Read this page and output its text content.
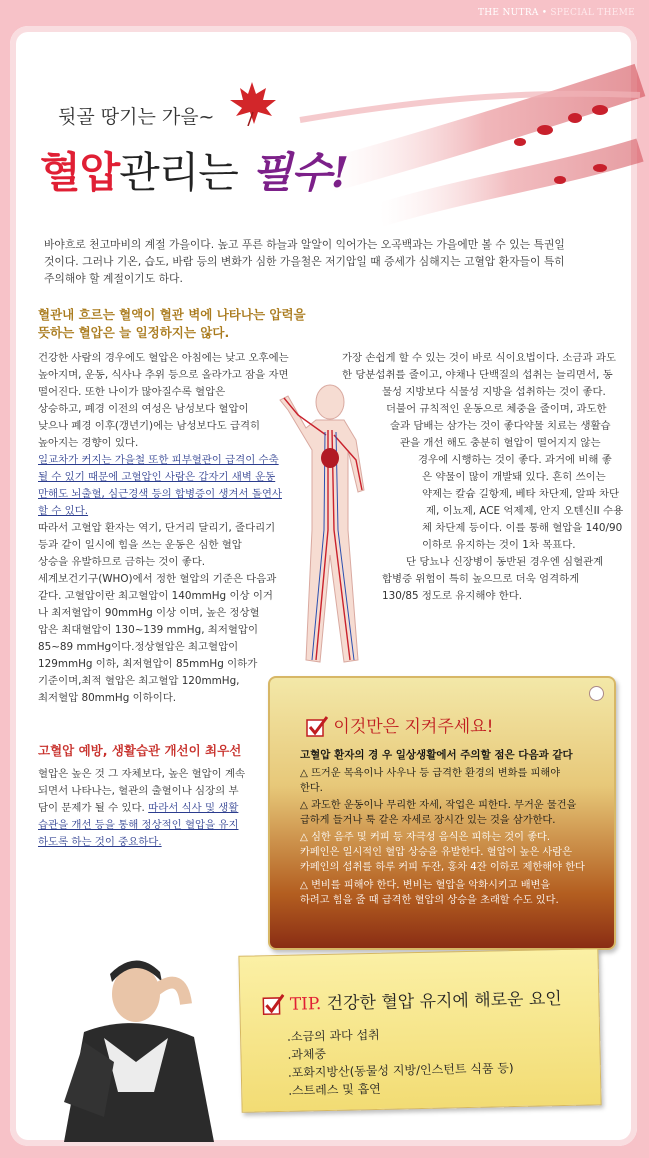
THE NUTRA • SPECIAL THEME
뒷골 땅기는 가을~
혈압관리는 필수!
바야흐로 천고마비의 계절 가을이다. 높고 푸른 하늘과 알알이 익어가는 오곡백과는 가을에만 볼 수 있는 특권일
것이다. 그러나 기온, 습도, 바람 등의 변화가 심한 가을철은 저기압일 때 증세가 심해지는 고혈압 환자들이 특히
주의해야 할 계절이기도 하다.
혈관내 흐르는 혈액이 혈관 벽에 나타나는 압력을
뜻하는 혈압은 늘 일정하지는 않다.
건강한 사람의 경우에도 혈압은 아침에는 낮고 오후에는
높아지며, 운동, 식사나 추위 등으로 올라가고 잠을 자면
떨어진다. 또한 나이가 많아질수록 혈압은
상승하고, 폐경 이전의 여성은 남성보다 혈압이
낮으나 폐경 이후(갱년기)에는 남성보다도 급격히
높아지는 경향이 있다.
일교차가 커지는 가을철 또한 피부혈관이 급격이 수축
될 수 있기 때문에 고혈압인 사람은 갑자기 새벽 운동
만해도 뇌출혈, 심근경색 등의 합병증이 생겨서 돌연사
할 수 있다.
따라서 고혈압 환자는 역기, 단거리 달리기, 줄다리기
등과 같이 일시에 힘을 쓰는 운동은 심한 혈압
상승을 유발하므로 금하는 것이 좋다.
세계보건기구(WHO)에서 정한 혈압의 기준은 다음과
같다. 고혈압이란 최고혈압이 140mmHg 이상 이거
나 최저혈압이 90mmHg 이상 이며, 높은 정상혈
압은 최대혈압이 130~139 mmHg, 최저혈압이
85~89 mmHg이다.정상혈압은 최고혈압이
129mmHg 이하, 최저혈압이 85mmHg 이하가
기준이며,최적 혈압은 최고혈압 120mmHg,
최저혈압 80mmHg 이하이다.
가장 손쉽게 할 수 있는 것이 바로 식이요법이다. 소금과 과도
한 당분섭취를 줄이고, 야채나 단백질의 섭취는 늘리면서, 동
물성 지방보다 식물성 지방을 섭취하는 것이 좋다.
더불어 규칙적인 운동으로 체중을 줄이며, 과도한
술과 담배는 삼가는 것이 좋다약물 치료는 생활습
관을 개선 해도 충분히 혈압이 떨어지지 않는
경우에 시행하는 것이 좋다. 과거에 비해 좋
은 약물이 많이 개발돼 있다. 흔히 쓰이는
약제는 칼슘 길항제, 베타 차단제, 알파 차단
제, 이뇨제, ACE 억제제, 안지 오텐신II 수용
체 차단제 등이다. 이를 통해 혈압을 140/90
이하로 유지하는 것이 1차 목표다.
단 당뇨나 신장병이 동반된 경우엔 심혈관계
합병증 위험이 특히 높으므로 더욱 엄격하게
130/85 정도로 유지해야 한다.
고혈압 예방, 생활습관 개선이 최우선
혈압은 높은 것 그 자체보다, 높은 혈압이 계속
되면서 나타나는, 혈관의 출혈이나 심장의 부
담이 문제가 될 수 있다. 따라서 식사 및 생활
습관을 개선 등을 통해 정상적인 혈압을 유지
하도록 하는 것이 중요하다.
이것만은 지켜주세요!
고혈압 환자의 경 우 일상생활에서 주의할 점은 다음과 같다
△ 뜨거운 목욕이나 사우나 등 급격한 환경의 변화를 피해야
한다.
△ 과도한 운동이나 무리한 자세, 작업은 피한다. 무거운 물건을
급하게 들거나 툭 같은 자세로 장시간 있는 것을 삼가한다.
△ 심한 음주 및 커피 등 자극성 음식은 피하는 것이 좋다.
카페인은 일시적인 혈압 상승을 유발한다. 혈압이 높은 사람은
카페인의 섭취를 하루 커피 두잔, 홍차 4잔 이하로 제한해야 한다
△ 변비를 피해야 한다. 변비는 혈압을 악화시키고 배변을
하려고 힘을 줄 때 급격한 혈압의 상승을 초래할 수도 있다.
TIP. 건강한 혈압 유지에 해로운 요인
.소금의 과다 섭취
.과체중
.포화지방산(동물성 지방/인스턴트 식품 등)
.스트레스 및 흡연
